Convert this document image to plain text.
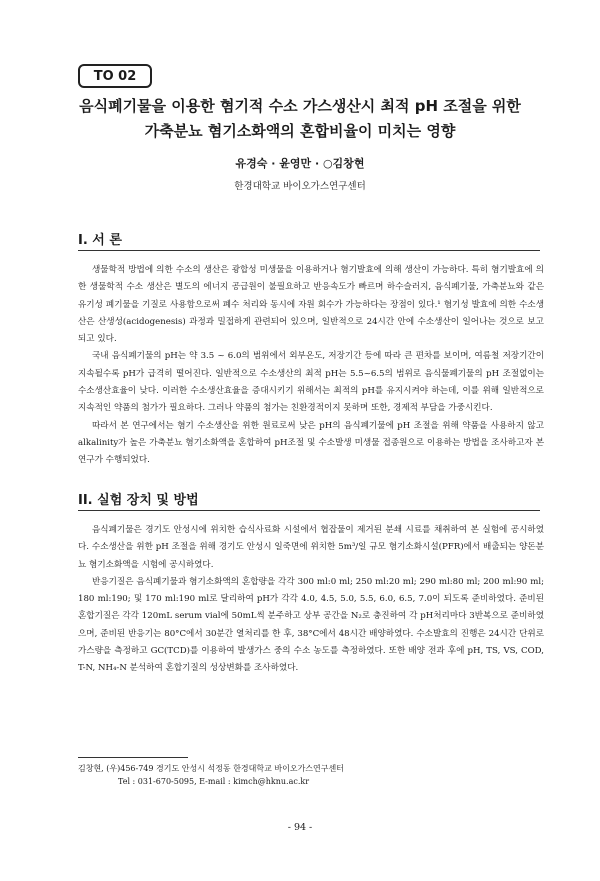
TO 02
음식폐기물을 이용한 혐기적 수소 가스생산시 최적 pH 조절을 위한
가축분뇨 혐기소화액의 혼합비율이 미치는 영향
유경숙 · 윤영만 · ○김창현
한경대학교 바이오가스연구센터
I. 서 론

생물학적 방법에 의한 수소의 생산은 광합성 미생물을 이용하거나 혐기발효에 의해 생산이 가능하다. 특히 혐기발효에 의한 생물학적 수소 생산은 별도의 에너지 공급원이 불필요하고 반응속도가 빠르며 하수슬러지, 음식폐기물, 가축분뇨와 같은 유기성 폐기물을 기질로 사용함으로써 폐수 처리와 동시에 자원 회수가 가능하다는 장점이 있다.¹ 혐기성 발효에 의한 수소생산은 산생성(acidogenesis) 과정과 밀접하게 관련되어 있으며, 일반적으로 24시간 안에 수소생산이 일어나는 것으로 보고되고 있다.

국내 음식폐기물의 pH는 약 3.5 ~ 6.0의 범위에서 외부온도, 저장기간 등에 따라 큰 편차를 보이며, 여름철 저장기간이 지속될수록 pH가 급격히 떨어진다. 일반적으로 수소생산의 최적 pH는 5.5~6.5의 범위로 음식물폐기물의 pH 조절없이는 수소생산효율이 낮다. 이러한 수소생산효율을 증대시키기 위해서는 최적의 pH를 유지시켜야 하는데, 이를 위해 일반적으로 지속적인 약품의 첨가가 필요하다. 그러나 약품의 첨가는 친환경적이지 못하며 또한, 경제적 부담을 가중시킨다.

따라서 본 연구에서는 혐기 수소생산을 위한 원료로써 낮은 pH의 음식폐기물에 pH 조절을 위해 약품을 사용하지 않고 alkalinity가 높은 가축분뇨 혐기소화액을 혼합하여 pH조절 및 수소발생 미생물 접종원으로 이용하는 방법을 조사하고자 본 연구가 수행되었다.

II. 실험 장치 및 방법

음식폐기물은 경기도 안성시에 위치한 습식사료화 시설에서 협잡물이 제거된 분쇄 시료를 채취하여 본 실험에 공시하였다. 수소생산을 위한 pH 조절을 위해 경기도 안성시 일죽면에 위치한 5m³/일 규모 혐기소화시설(PFR)에서 배출되는 양돈분뇨 혐기소화액을 시험에 공시하였다.

반응기질은 음식폐기물과 혐기소화액의 혼합량을 각각 300 ml:0 ml; 250 ml:20 ml; 290 ml:80 ml; 200 ml:90 ml; 180 ml:190; 및 170 ml:190 ml로 달리하여 pH가 각각 4.0, 4.5, 5.0, 5.5, 6.0, 6.5, 7.0이 되도록 준비하였다. 준비된 혼합기질은 각각 120mL serum vial에 50mL씩 분주하고 상부 공간을 N₂로 충진하여 각 pH처리마다 3반복으로 준비하였으며, 준비된 반응기는 80°C에서 30분간 열처리를 한 후, 38°C에서 48시간 배양하였다. 수소발효의 진행은 24시간 단위로 가스량을 측정하고 GC(TCD)를 이용하여 발생가스 중의 수소 농도를 측정하였다. 또한 배양 전과 후에 pH, TS, VS, COD, T-N, NH₄-N 분석하여 혼합기질의 성상변화를 조사하였다.

김창현, (우)456-749 경기도 안성시 석정동 한경대학교 바이오가스연구센터
Tel : 031-670-5095, E-mail : kimch@hknu.ac.kr
- 94 -
